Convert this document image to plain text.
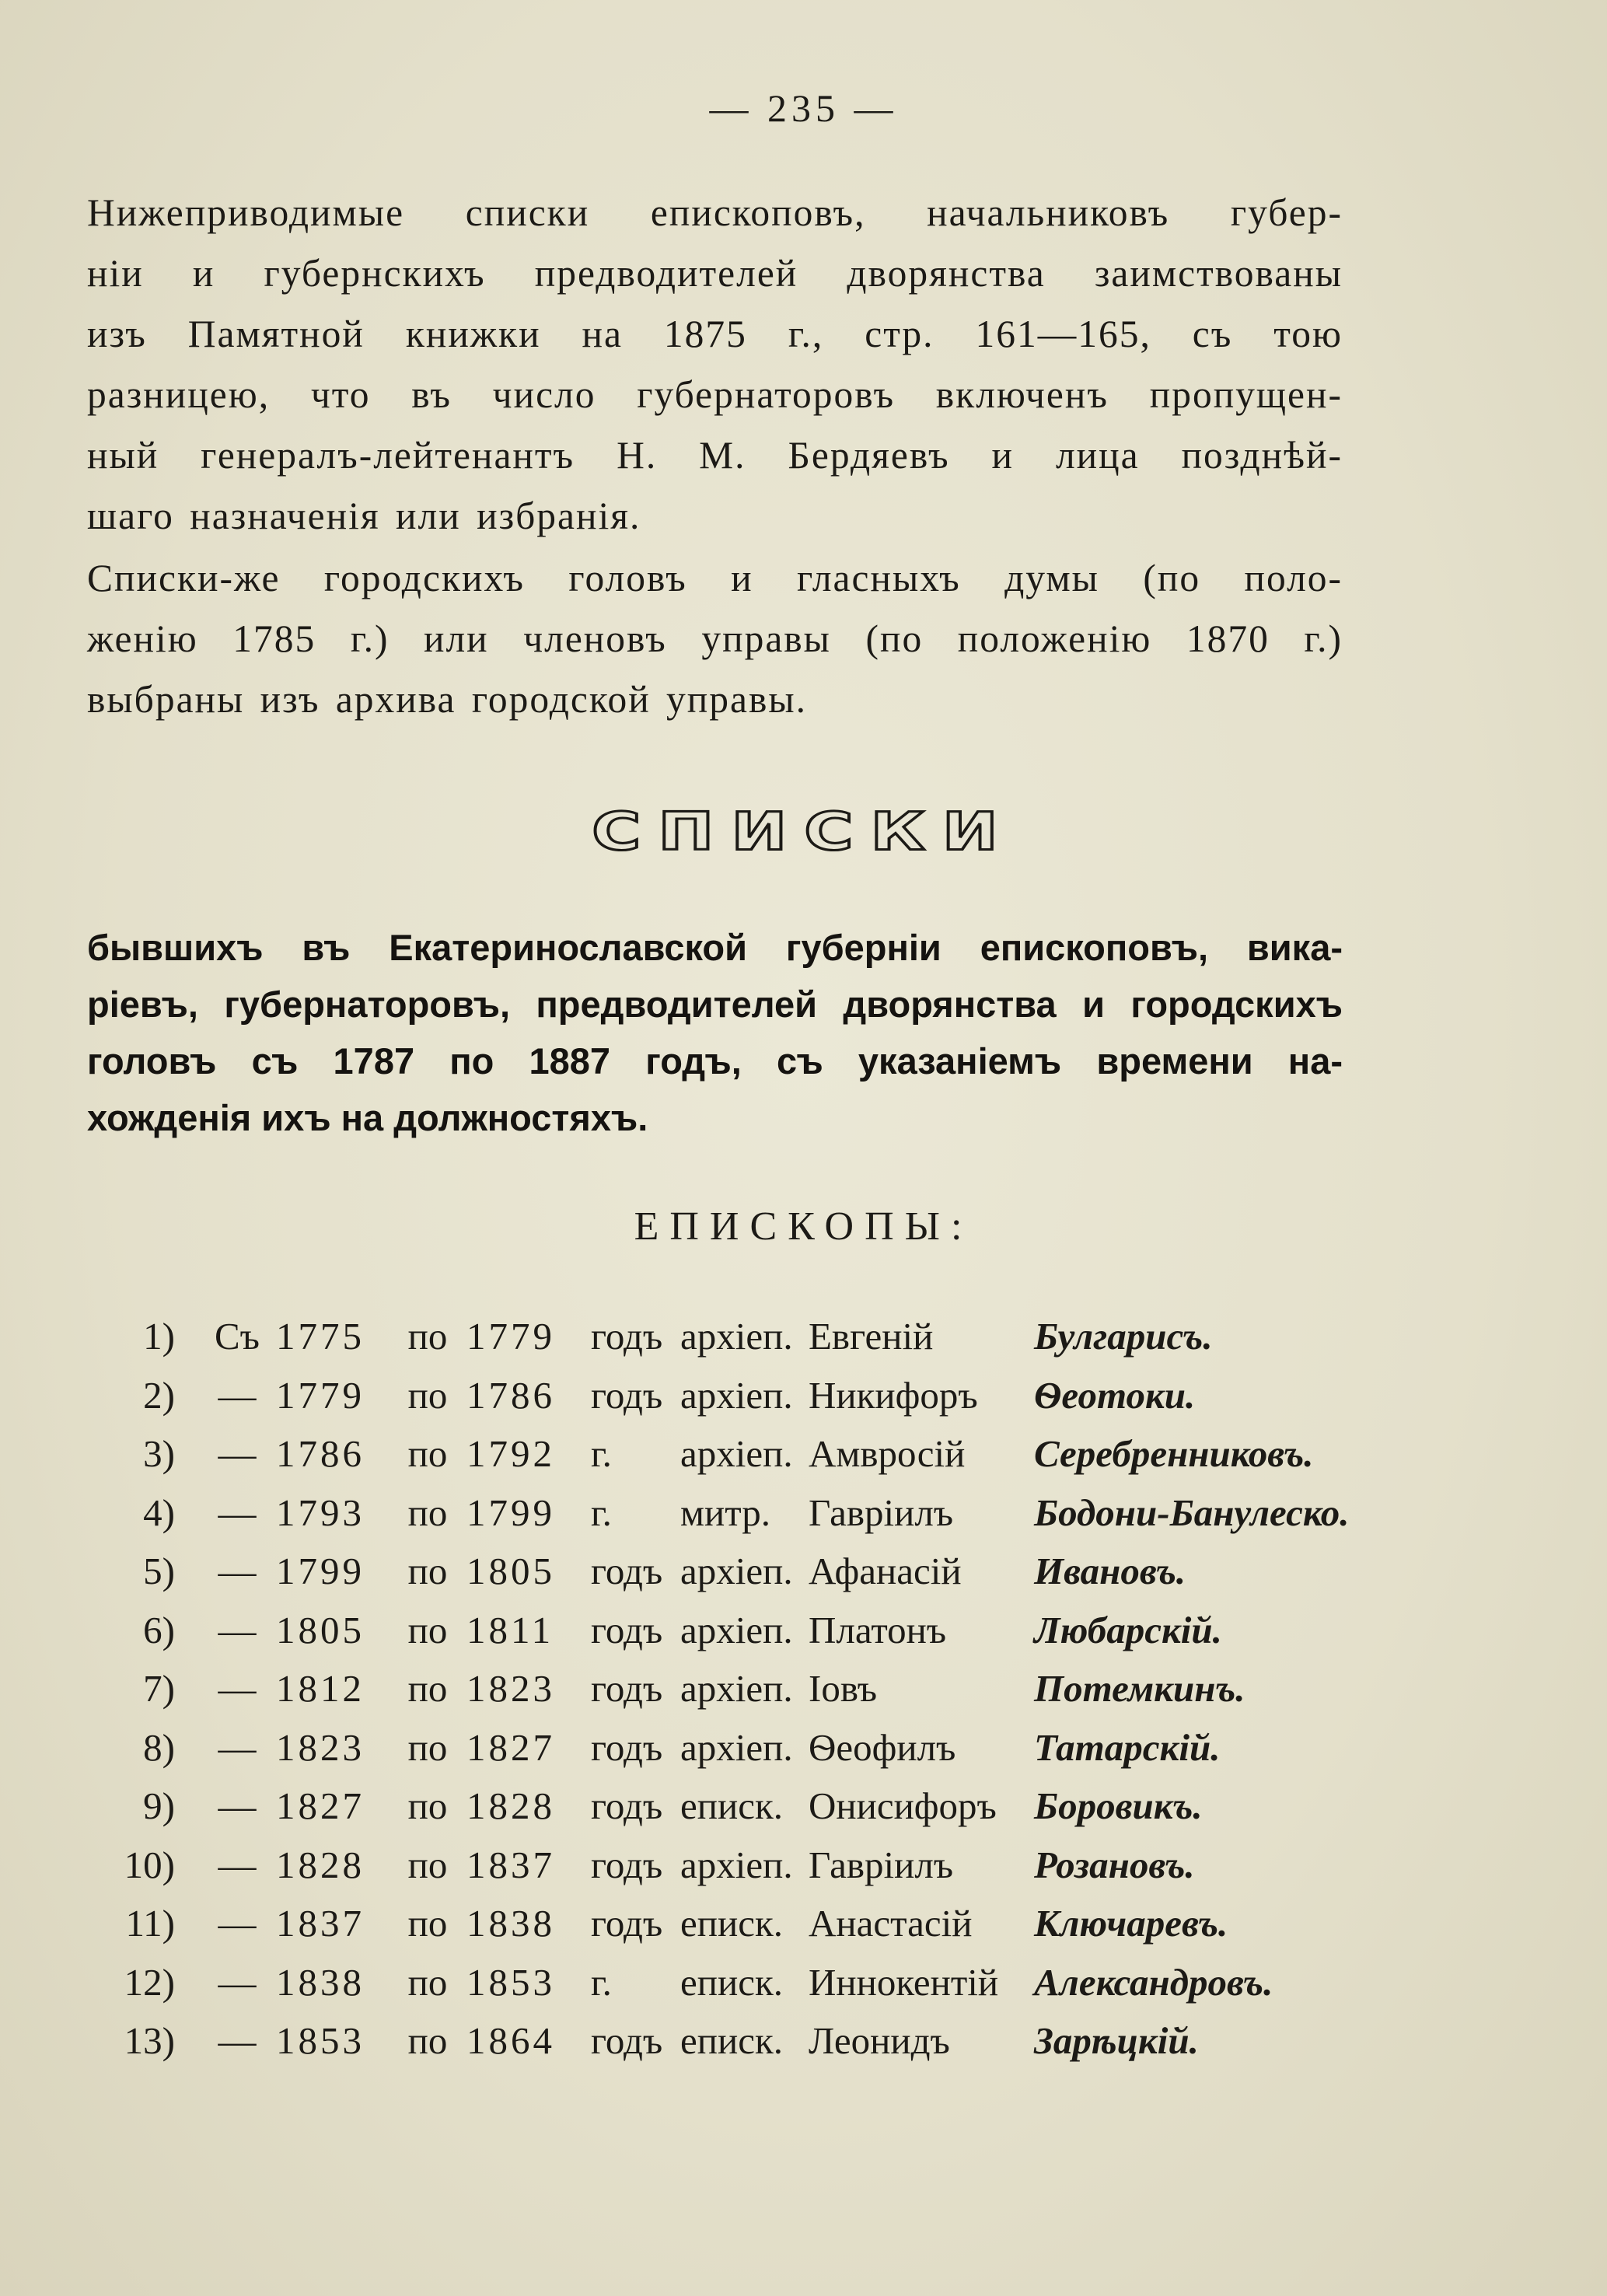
— 235 —
Нижеприводимые списки епископовъ, начальниковъ губер-
ніи и губернскихъ предводителей дворянства заимствованы
изъ Памятной книжки на 1875 г., стр. 161—165, съ тою
разницею, что въ число губернаторовъ включенъ пропущен-
ный генералъ-лейтенантъ Н. М. Бердяевъ и лица позднѣй-
шаго назначенія или избранія.
Списки-же городскихъ головъ и гласныхъ думы (по поло-
женію 1785 г.) или членовъ управы (по положенію 1870 г.)
выбраны изъ архива городской управы.
СПИСКИ
бывшихъ въ Екатеринославской губерніи епископовъ, вика-
ріевъ, губернаторовъ, предводителей дворянства и городскихъ
головъ съ 1787 по 1887 годъ, съ указаніемъ времени на-
хожденія ихъ на должностяхъ.
ЕПИСКОПЫ:
1) Съ 1775	по 1779 годъ архіеп. Евгеній	Булгарисъ.
2) — 1779	по 1786 годъ архіеп. Никифоръ	Ѳеотоки.
3) — 1786	по 1792 г.	архіеп. Амвросій	Серебренниковъ.
4) — 1793	по 1799 г.	митр.	Гавріилъ	Бодони-Банулеско.
5) — 1799	по 1805 годъ архіеп. Афанасій	Ивановъ.
6) — 1805	по 1811 годъ архіеп. Платонъ	Любарскій.
7) — 1812	по 1823 годъ архіеп. Іовъ	Потемкинъ.
8) — 1823	по 1827 годъ архіеп. Ѳеофилъ	Татарскій.
9) — 1827	по 1828 годъ еписк. Онисифоръ Боровикъ.
10) — 1828	по 1837 годъ архіеп. Гавріилъ	Розановъ.
11) — 1837	по 1838 годъ еписк. Анастасій	Ключаревъ.
12) — 1838	по 1853 г.	еписк. Иннокентій Александровъ.
13) — 1853	по 1864 годъ еписк. Леонидъ	Зарѣцкій.
